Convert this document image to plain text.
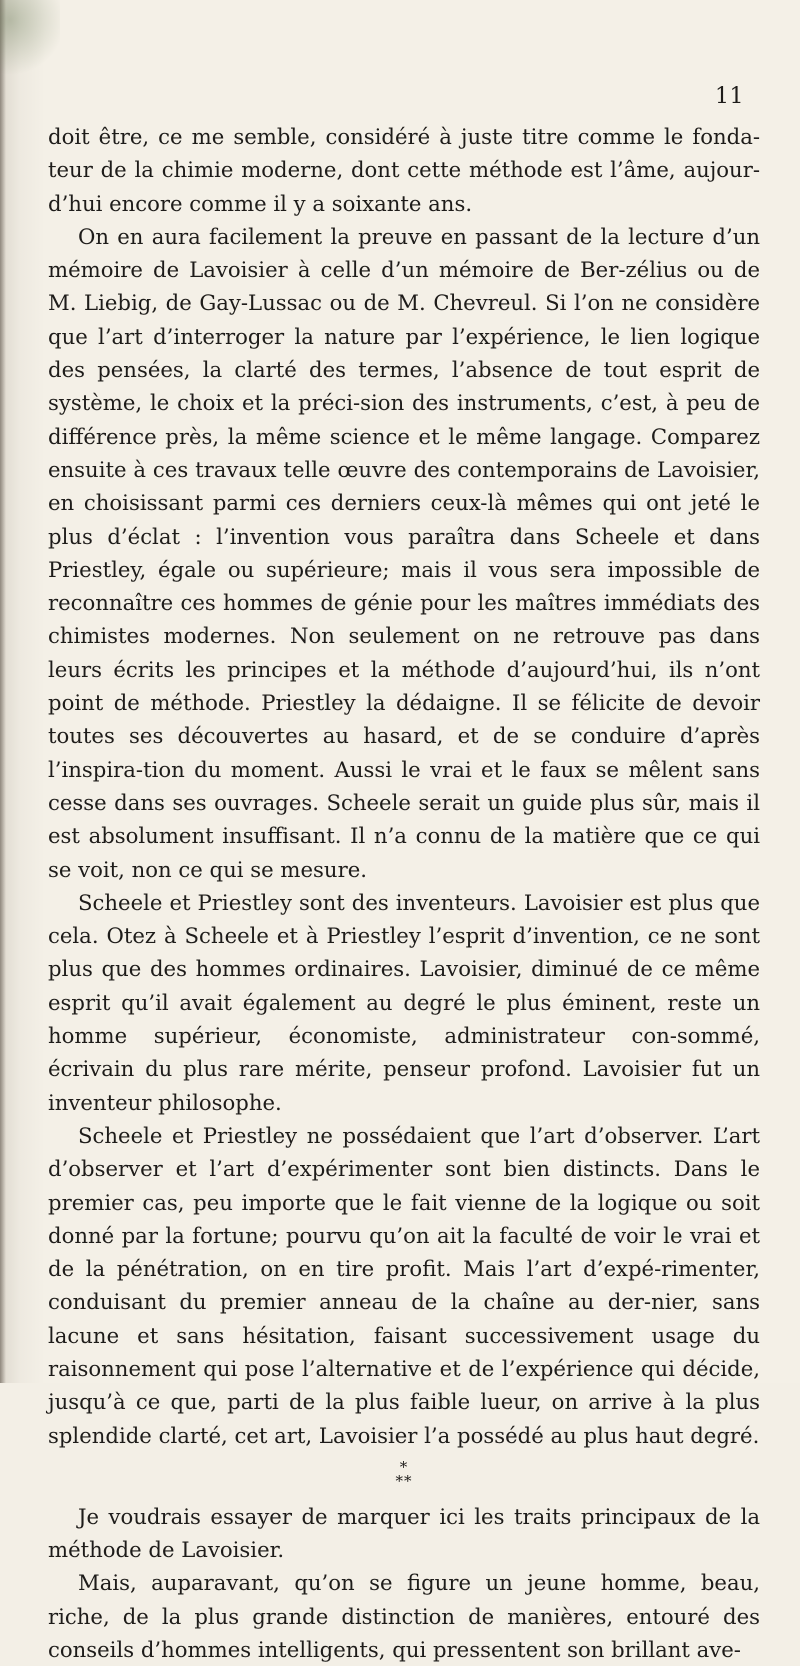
11

doit être, ce me semble, considéré à juste titre comme le fonda-teur de la chimie moderne, dont cette méthode est l’âme, aujour-d’hui encore comme il y a soixante ans.

On en aura facilement la preuve en passant de la lecture d’un mémoire de Lavoisier à celle d’un mémoire de Ber-zélius ou de M. Liebig, de Gay-Lussac ou de M. Chevreul. Si l’on ne considère que l’art d’interroger la nature par l’expérience, le lien logique des pensées, la clarté des termes, l’absence de tout esprit de système, le choix et la préci-sion des instruments, c’est, à peu de différence près, la même science et le même langage. Comparez ensuite à ces travaux telle œuvre des contemporains de Lavoisier, en choisissant parmi ces derniers ceux-là mêmes qui ont jeté le plus d’éclat : l’invention vous paraîtra dans Scheele et dans Priestley, égale ou supérieure; mais il vous sera impossible de reconnaître ces hommes de génie pour les maîtres immédiats des chimistes modernes. Non seulement on ne retrouve pas dans leurs écrits les principes et la méthode d’aujourd’hui, ils n’ont point de méthode. Priestley la dédaigne. Il se félicite de devoir toutes ses découvertes au hasard, et de se conduire d’après l’inspira-tion du moment. Aussi le vrai et le faux se mêlent sans cesse dans ses ouvrages. Scheele serait un guide plus sûr, mais il est absolument insuffisant. Il n’a connu de la matière que ce qui se voit, non ce qui se mesure.

Scheele et Priestley sont des inventeurs. Lavoisier est plus que cela. Otez à Scheele et à Priestley l’esprit d’invention, ce ne sont plus que des hommes ordinaires. Lavoisier, diminué de ce même esprit qu’il avait également au degré le plus éminent, reste un homme supérieur, économiste, administrateur con-sommé, écrivain du plus rare mérite, penseur profond. Lavoisier fut un inventeur philosophe.

Scheele et Priestley ne possédaient que l’art d’observer. L’art d’observer et l’art d’expérimenter sont bien distincts. Dans le premier cas, peu importe que le fait vienne de la logique ou soit donné par la fortune; pourvu qu’on ait la faculté de voir le vrai et de la pénétration, on en tire profit. Mais l’art d’expé-rimenter, conduisant du premier anneau de la chaîne au der-nier, sans lacune et sans hésitation, faisant successivement usage du raisonnement qui pose l’alternative et de l’expérience qui décide, jusqu’à ce que, parti de la plus faible lueur, on arrive à la plus splendide clarté, cet art, Lavoisier l’a possédé au plus haut degré.

*
**

Je voudrais essayer de marquer ici les traits principaux de la méthode de Lavoisier.

Mais, auparavant, qu’on se figure un jeune homme, beau, riche, de la plus grande distinction de manières, entouré des conseils d’hommes intelligents, qui pressentent son brillant ave-
